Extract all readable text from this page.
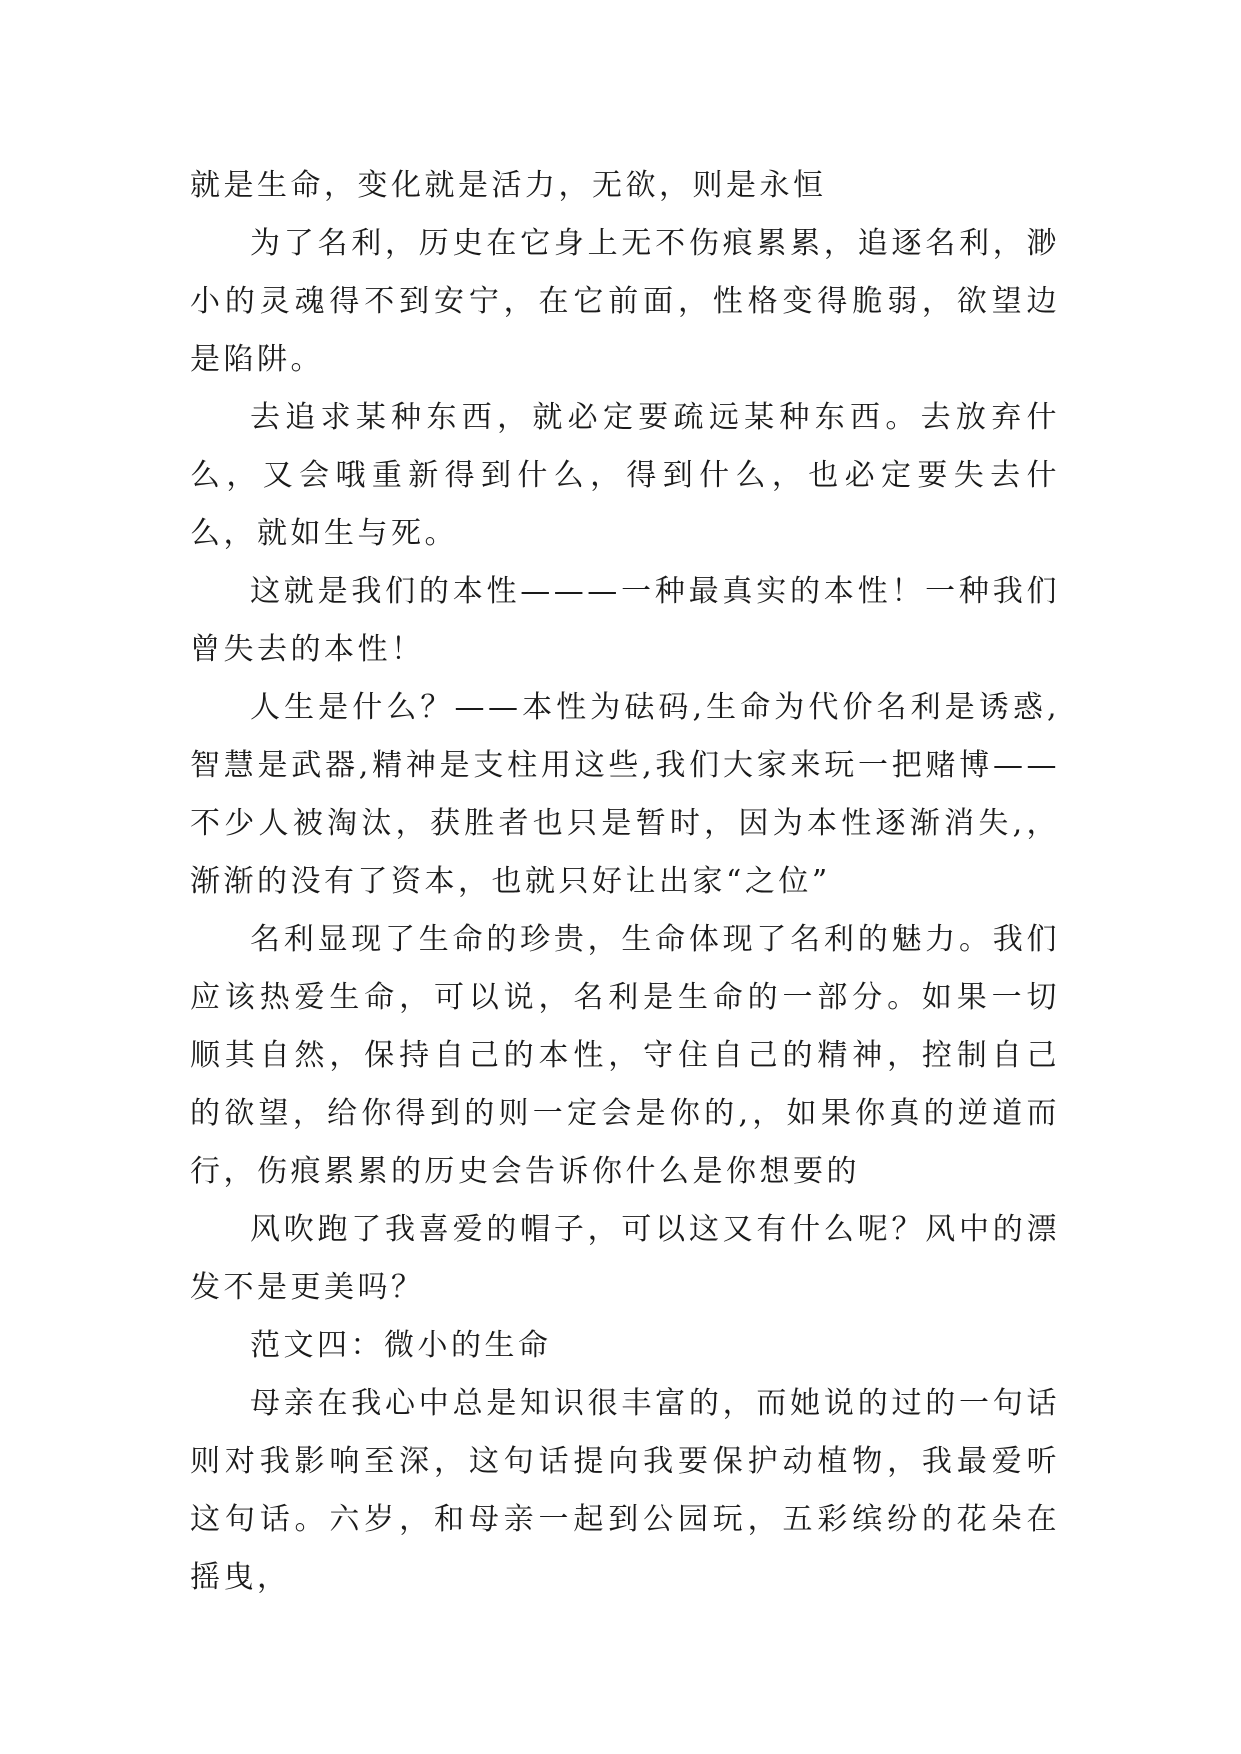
就是生命，变化就是活力，无欲，则是永恒

为了名利，历史在它身上无不伤痕累累，追逐名利，渺小的灵魂得不到安宁，在它前面，性格变得脆弱，欲望边是陷阱。

去追求某种东西，就必定要疏远某种东西。去放弃什么，又会哦重新得到什么，得到什么，也必定要失去什么，就如生与死。

这就是我们的本性———一种最真实的本性！一种我们曾失去的本性！

人生是什么？——本性为砝码,生命为代价名利是诱惑,智慧是武器,精神是支柱用这些,我们大家来玩一把赌博——不少人被淘汰，获胜者也只是暂时，因为本性逐渐消失,，渐渐的没有了资本，也就只好让出家“之位”

名利显现了生命的珍贵，生命体现了名利的魅力。我们应该热爱生命，可以说，名利是生命的一部分。如果一切顺其自然，保持自己的本性，守住自己的精神，控制自己的欲望，给你得到的则一定会是你的,，如果你真的逆道而行，伤痕累累的历史会告诉你什么是你想要的

风吹跑了我喜爱的帽子，可以这又有什么呢？风中的漂发不是更美吗？

范文四：微小的生命

母亲在我心中总是知识很丰富的，而她说的过的一句话则对我影响至深，这句话提向我要保护动植物，我最爱听这句话。六岁，和母亲一起到公园玩，五彩缤纷的花朵在摇曳，
